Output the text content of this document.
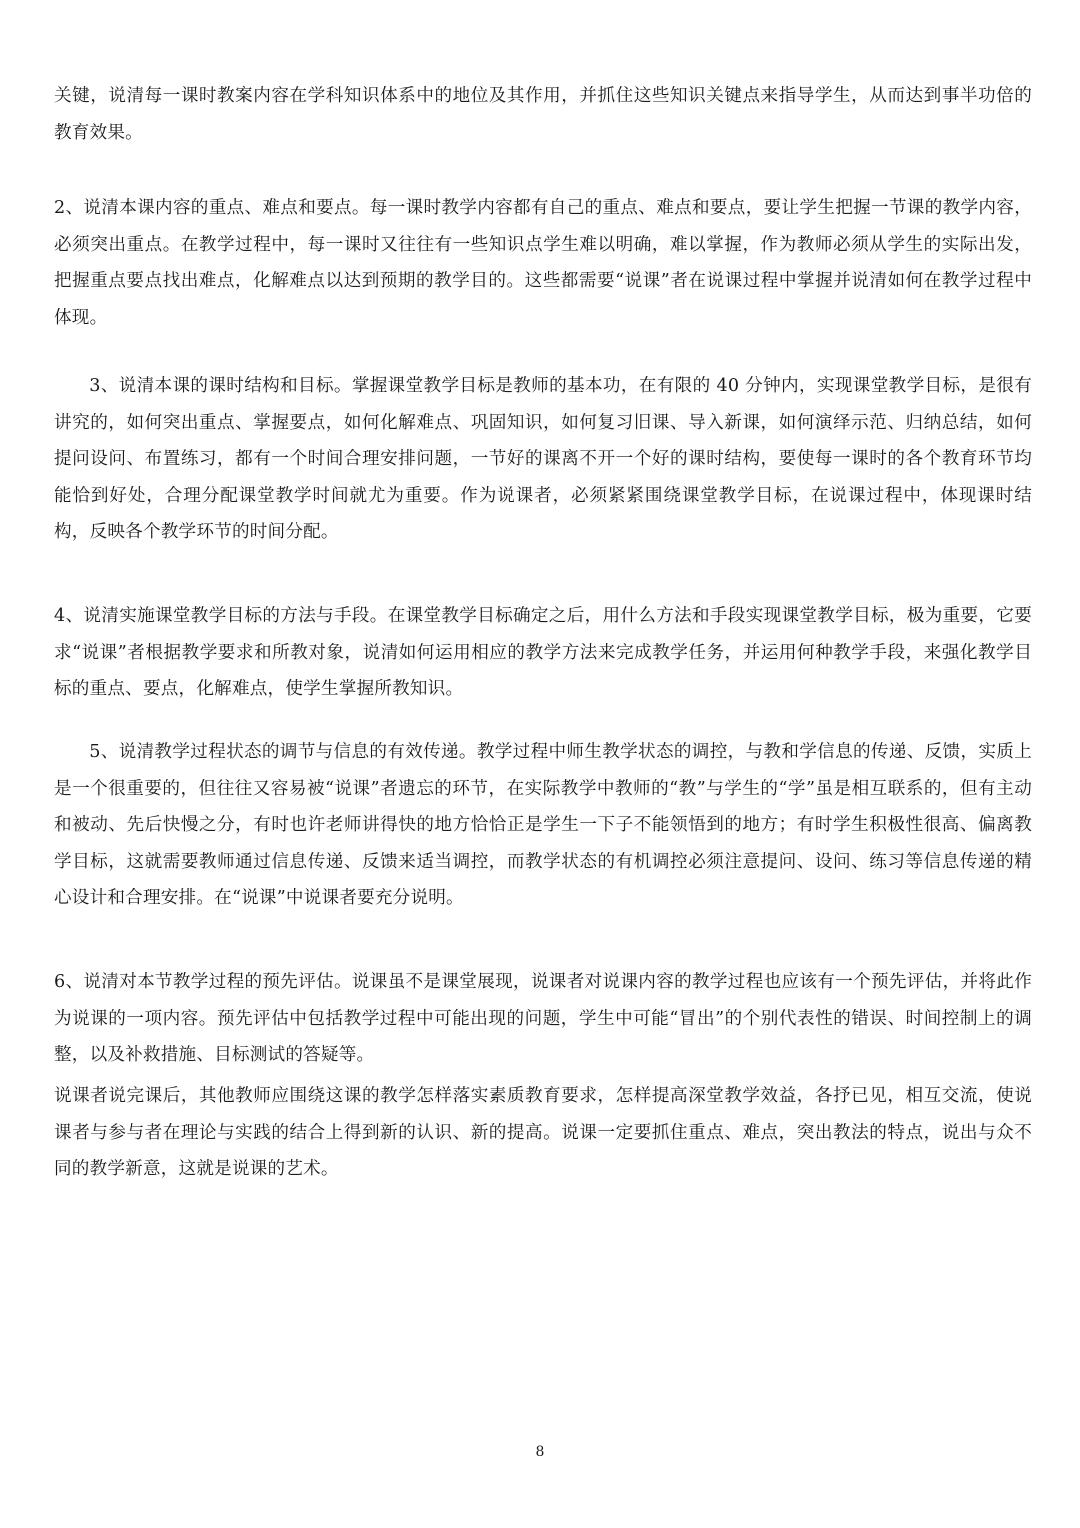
关键，说清每一课时教案内容在学科知识体系中的地位及其作用，并抓住这些知识关键点来指导学生，从而达到事半功倍的教育效果。

2、说清本课内容的重点、难点和要点。每一课时教学内容都有自己的重点、难点和要点，要让学生把握一节课的教学内容，必须突出重点。在教学过程中，每一课时又往往有一些知识点学生难以明确，难以掌握，作为教师必须从学生的实际出发，把握重点要点找出难点，化解难点以达到预期的教学目的。这些都需要“说课”者在说课过程中掌握并说清如何在教学过程中体现。

3、说清本课的课时结构和目标。掌握课堂教学目标是教师的基本功，在有限的 40 分钟内，实现课堂教学目标，是很有讲究的，如何突出重点、掌握要点，如何化解难点、巩固知识，如何复习旧课、导入新课，如何演绎示范、归纳总结，如何提问设问、布置练习，都有一个时间合理安排问题，一节好的课离不开一个好的课时结构，要使每一课时的各个教育环节均能恰到好处，合理分配课堂教学时间就尤为重要。作为说课者，必须紧紧围绕课堂教学目标，在说课过程中，体现课时结构，反映各个教学环节的时间分配。

4、说清实施课堂教学目标的方法与手段。在课堂教学目标确定之后，用什么方法和手段实现课堂教学目标，极为重要，它要求“说课”者根据教学要求和所教对象，说清如何运用相应的教学方法来完成教学任务，并运用何种教学手段，来强化教学目标的重点、要点，化解难点，使学生掌握所教知识。

5、说清教学过程状态的调节与信息的有效传递。教学过程中师生教学状态的调控，与教和学信息的传递、反馈，实质上是一个很重要的，但往往又容易被“说课”者遗忘的环节，在实际教学中教师的“教”与学生的“学”虽是相互联系的，但有主动和被动、先后快慢之分，有时也许老师讲得快的地方恰恰正是学生一下子不能领悟到的地方；有时学生积极性很高、偏离教学目标，这就需要教师通过信息传递、反馈来适当调控，而教学状态的有机调控必须注意提问、设问、练习等信息传递的精心设计和合理安排。在“说课”中说课者要充分说明。

6、说清对本节教学过程的预先评估。说课虽不是课堂展现，说课者对说课内容的教学过程也应该有一个预先评估，并将此作为说课的一项内容。预先评估中包括教学过程中可能出现的问题，学生中可能“冒出”的个别代表性的错误、时间控制上的调整，以及补救措施、目标测试的答疑等。

说课者说完课后，其他教师应围绕这课的教学怎样落实素质教育要求，怎样提高深堂教学效益，各抒已见，相互交流，使说课者与参与者在理论与实践的结合上得到新的认识、新的提高。说课一定要抓住重点、难点，突出教法的特点，说出与众不同的教学新意，这就是说课的艺术。

8
